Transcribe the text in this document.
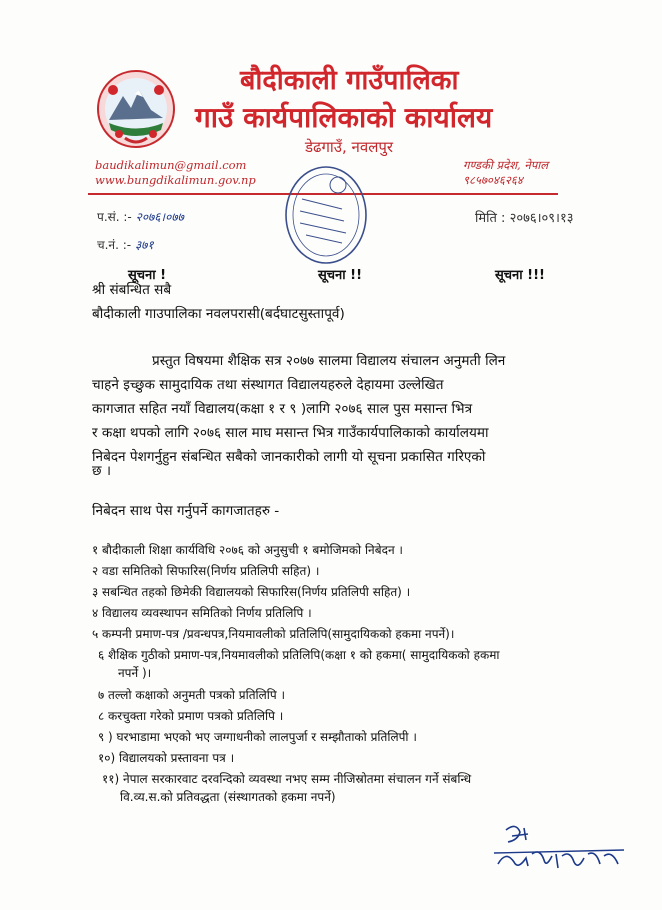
बौदीकाली गाउँपालिका
गाउँ कार्यपालिकाको कार्यालय
डेढगाउँ, नवलपुर
baudikalimun@gmail.com
www.bungdikalimun.gov.np
गण्डकी प्रदेश, नेपाल
९८५७०४६२६४
प.सं. :- २०७६।०७७
च.नं. :- ३७१
मिति : २०७६।०९।१३
सूचना !	सूचना !!	सूचना !!!
श्री संबन्धित सबै
बौदीकाली गाउपालिका नवलपरासी(बर्दघाटसुस्तापूर्व)
प्रस्तुत विषयमा शैक्षिक सत्र २०७७ सालमा विद्यालय संचालन अनुमती लिन
चाहने इच्छुक सामुदायिक तथा संस्थागत विद्यालयहरुले देहायमा उल्लेखित
कागजात सहित नयाँ विद्यालय(कक्षा १ र ९ )लागि २०७६ साल पुस मसान्त भित्र
र कक्षा थपको लागि २०७६ साल माघ मसान्त भित्र गाउँकार्यपालिकाको कार्यालयमा
निबेदन पेशगर्नुहुन संबन्धित सबैको जानकारीको लागी यो सूचना प्रकासित गरिएको
छ ।
निबेदन साथ पेस गर्नुपर्ने कागजातहरु -
१ बौदीकाली शिक्षा कार्यविधि २०७६ को अनुसुची १ बमोजिमको निबेदन ।
२ वडा समितिको सिफारिस(निर्णय प्रतिलिपी सहित) ।
३ सबन्धित तहको छिमेकी विद्यालयको सिफारिस(निर्णय प्रतिलिपी सहित) ।
४ विद्यालय व्यवस्थापन समितिको निर्णय प्रतिलिपि ।
५ कम्पनी प्रमाण-पत्र /प्रवन्धपत्र,नियमावलीको प्रतिलिपि(सामुदायिकको हकमा नपर्ने)।
६ शैक्षिक गुठीको प्रमाण-पत्र,नियमावलीको प्रतिलिपि(कक्षा १ को हकमा( सामुदायिकको हकमा
नपर्ने )।
७ तल्लो कक्षाको अनुमती पत्रको प्रतिलिपि ।
८ करचुक्ता गरेको प्रमाण पत्रको प्रतिलिपि ।
९ ) घरभाडामा भएको भए जग्गाधनीको लालपुर्जा र सम्झौताको प्रतिलिपी ।
१०) विद्यालयको प्रस्तावना पत्र ।
११) नेपाल सरकारवाट दरवन्दिको व्यवस्था नभए सम्म नीजिस्रोतमा संचालन गर्ने संबन्धि
वि.व्य.स.को प्रतिवद्धता (संस्थागतको हकमा नपर्ने)
